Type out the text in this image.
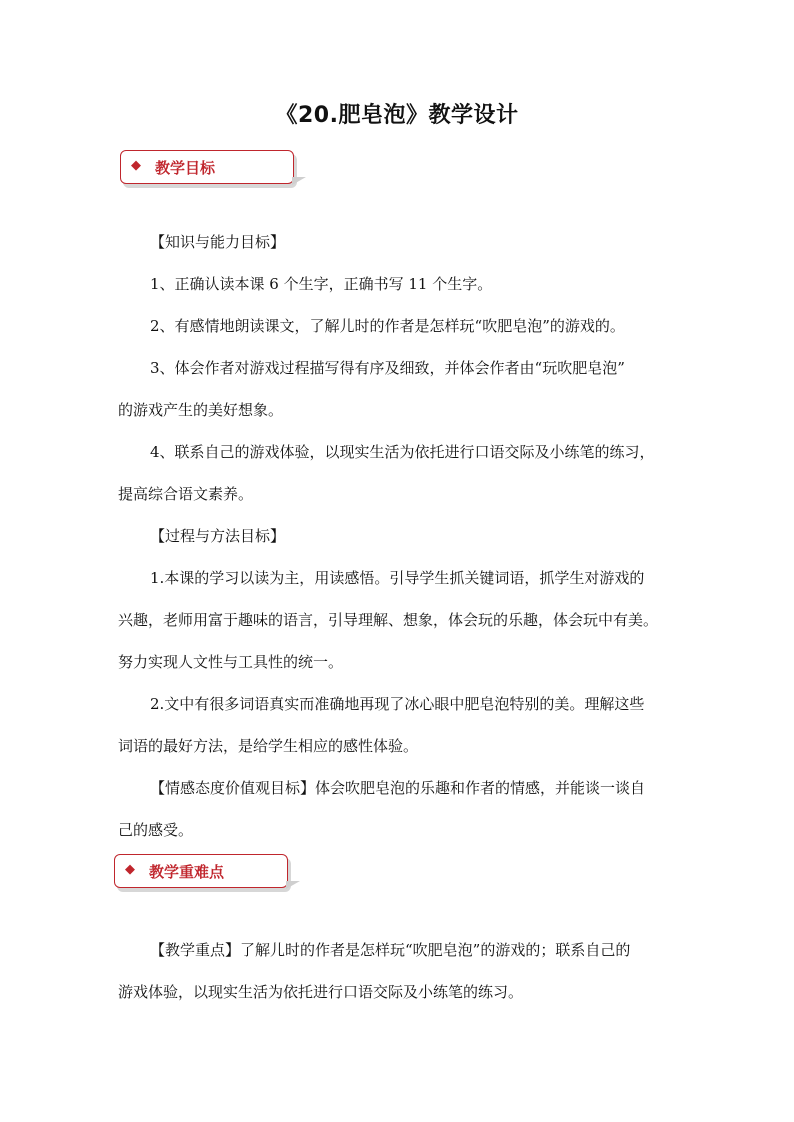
《20.肥皂泡》教学设计
◆ 教学目标
【知识与能力目标】
1、正确认读本课 6 个生字，正确书写 11 个生字。
2、有感情地朗读课文，了解儿时的作者是怎样玩“吹肥皂泡”的游戏的。
3、体会作者对游戏过程描写得有序及细致，并体会作者由“玩吹肥皂泡”
的游戏产生的美好想象。
4、联系自己的游戏体验，以现实生活为依托进行口语交际及小练笔的练习，
提高综合语文素养。
【过程与方法目标】
1.本课的学习以读为主，用读感悟。引导学生抓关键词语，抓学生对游戏的
兴趣，老师用富于趣味的语言，引导理解、想象，体会玩的乐趣，体会玩中有美。
努力实现人文性与工具性的统一。
2.文中有很多词语真实而准确地再现了冰心眼中肥皂泡特别的美。理解这些
词语的最好方法，是给学生相应的感性体验。
【情感态度价值观目标】体会吹肥皂泡的乐趣和作者的情感，并能谈一谈自
己的感受。
◆ 教学重难点
【教学重点】了解儿时的作者是怎样玩“吹肥皂泡”的游戏的；联系自己的
游戏体验，以现实生活为依托进行口语交际及小练笔的练习。
